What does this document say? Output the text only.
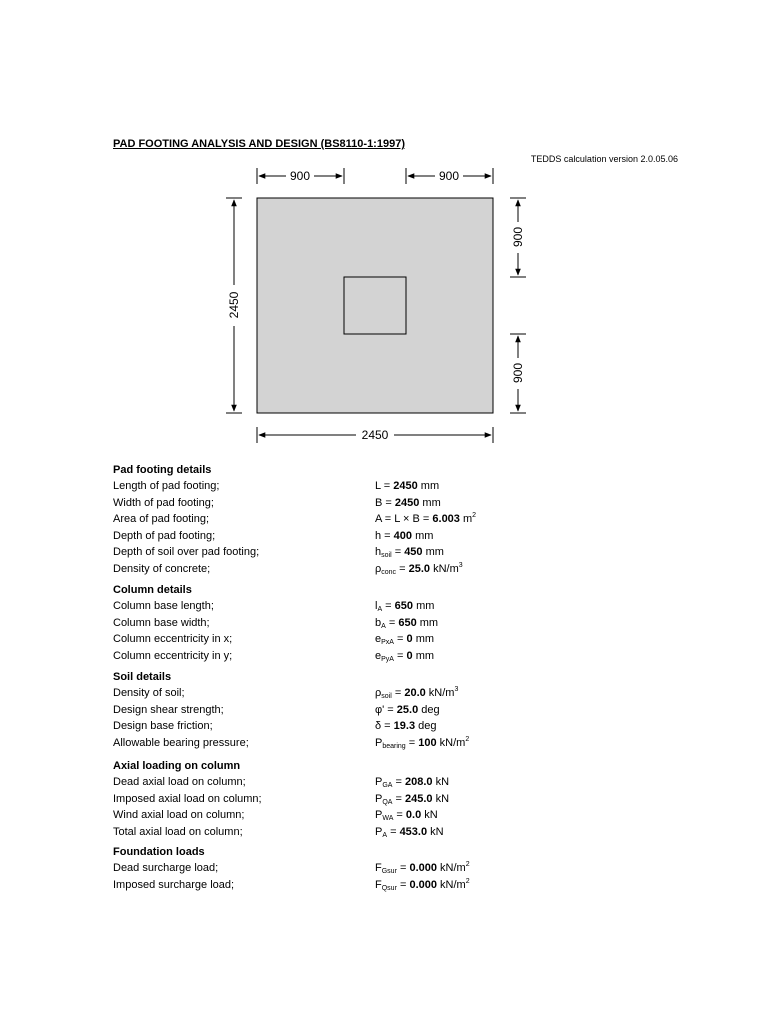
PAD FOOTING ANALYSIS AND DESIGN (BS8110-1:1997)
TEDDS calculation version 2.0.05.06
900	900
2450
900
900
2450
Pad footing details
Length of pad footing;	L = 2450 mm
Width of pad footing;	B = 2450 mm
Area of pad footing;	A = L × B = 6.003 $m^2$
Depth of pad footing;	h = 400 mm
Depth of soil over pad footing;	$h_{soil} = 450$ mm
Density of concrete;	$\rho_{conc} = 25.0$ $kN/m^3$
Column details
Column base length;	$l_A = 650$ mm
Column base width;	$b_A = 650$ mm
Column eccentricity in x;	$e_{PxA} = 0$ mm
Column eccentricity in y;	$e_{PyA} = 0$ mm
Soil details
Density of soil;	$\rho_{soil} = 20.0$ $kN/m^3$
Design shear strength;	φ' = 25.0 deg
Design base friction;	δ = 19.3 deg
Allowable bearing pressure;	$P_{bearing} = 100$ $kN/m^2$
Axial loading on column
Dead axial load on column;	$P_{GA} = 208.0$ kN
Imposed axial load on column;	$P_{QA} = 245.0$ kN
Wind axial load on column;	$P_{WA} = 0.0$ kN
Total axial load on column;	$P_A = 453.0$ kN
Foundation loads
Dead surcharge load;	$F_{Gsur} = 0.000$ $kN/m^2$
Imposed surcharge load;	$F_{Qsur} = 0.000$ $kN/m^2$
